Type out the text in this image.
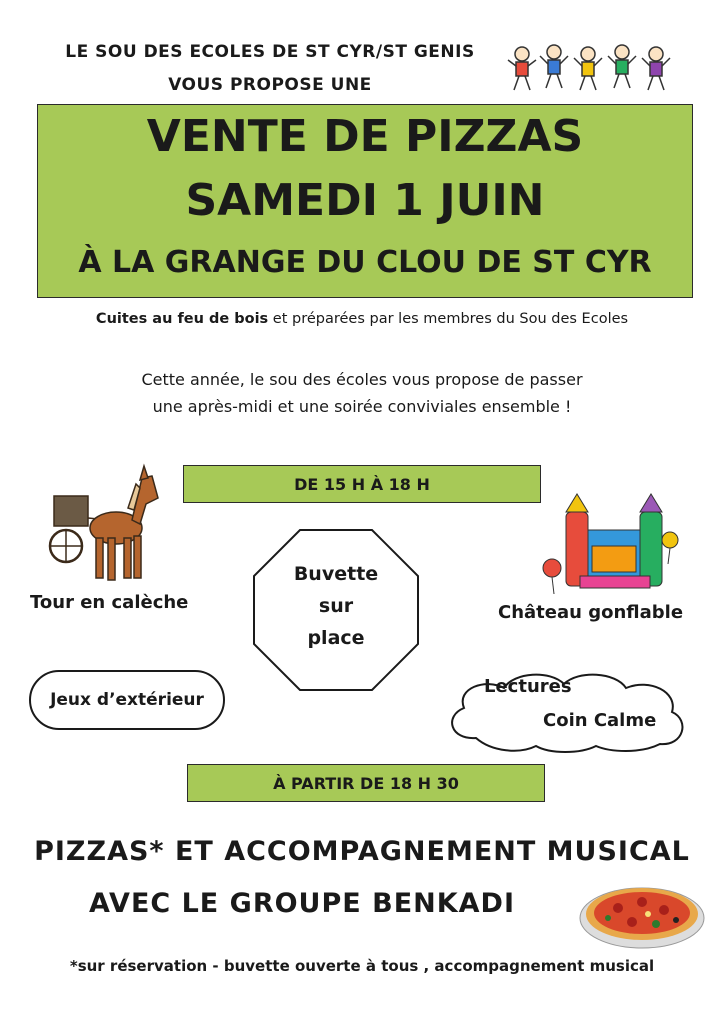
LE SOU DES ECOLES DE ST CYR/ST GENIS
VOUS PROPOSE UNE
VENTE DE PIZZAS
SAMEDI 1 JUIN
À LA GRANGE DU CLOU DE ST CYR
Cuites au feu de bois et préparées par les membres du Sou des Ecoles
Cette année, le sou des écoles vous propose de passer
une après-midi et une soirée conviviales ensemble !
DE 15 H À 18 H
Tour en calèche
Buvette
sur
place
Château gonflable
Jeux d’extérieur
Lectures
Coin Calme
À PARTIR DE 18 H 30
PIZZAS* ET ACCOMPAGNEMENT MUSICAL
AVEC LE GROUPE BENKADI
*sur réservation - buvette ouverte à tous , accompagnement musical
